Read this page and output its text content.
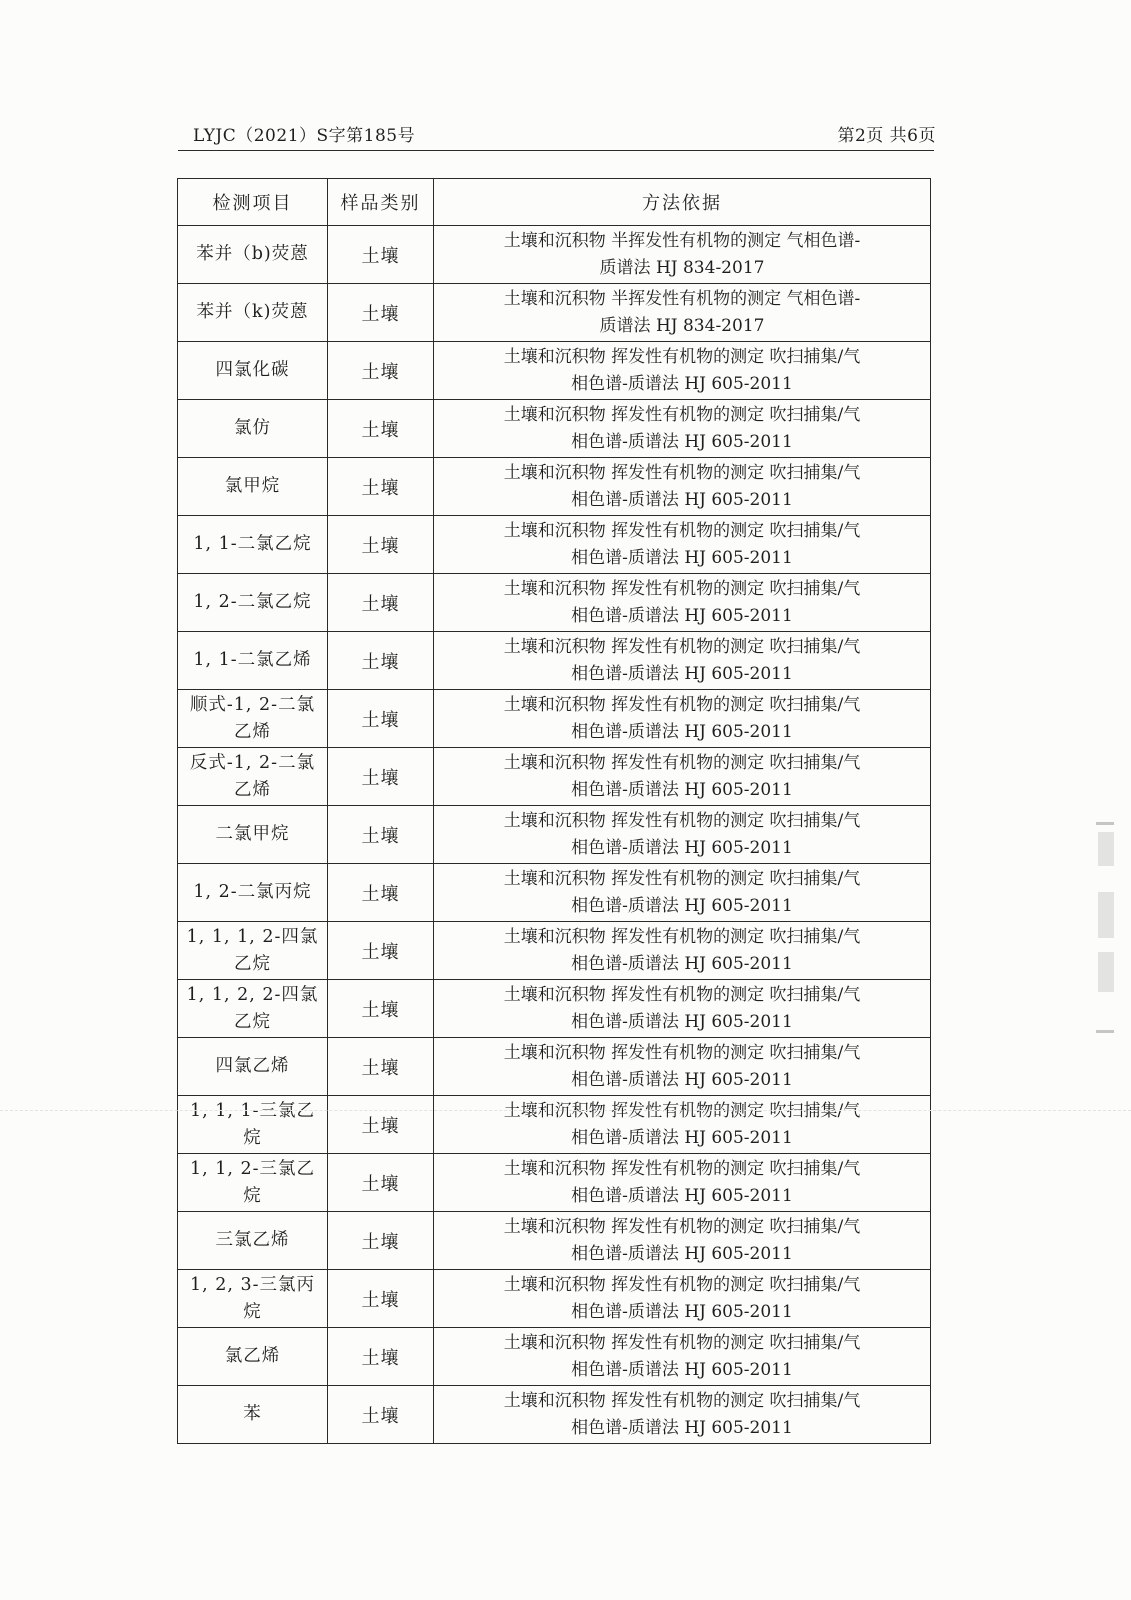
LYJC（2021）S字第185号	第2页 共6页
检测项目	样品类别	方法依据
苯并（b)荧蒽	土壤	土壤和沉积物 半挥发性有机物的测定 气相色谱-
质谱法 HJ 834-2017

苯并（k)荧蒽	土壤	土壤和沉积物 半挥发性有机物的测定 气相色谱-
质谱法 HJ 834-2017

四氯化碳	土壤	土壤和沉积物 挥发性有机物的测定 吹扫捕集/气
相色谱-质谱法 HJ 605-2011

氯仿	土壤	土壤和沉积物 挥发性有机物的测定 吹扫捕集/气
相色谱-质谱法 HJ 605-2011

氯甲烷	土壤	土壤和沉积物 挥发性有机物的测定 吹扫捕集/气
相色谱-质谱法 HJ 605-2011

1, 1-二氯乙烷	土壤	土壤和沉积物 挥发性有机物的测定 吹扫捕集/气
相色谱-质谱法 HJ 605-2011

1, 2-二氯乙烷	土壤	土壤和沉积物 挥发性有机物的测定 吹扫捕集/气
相色谱-质谱法 HJ 605-2011

1, 1-二氯乙烯	土壤	土壤和沉积物 挥发性有机物的测定 吹扫捕集/气
相色谱-质谱法 HJ 605-2011

顺式-1, 2-二氯乙烯	土壤	土壤和沉积物 挥发性有机物的测定 吹扫捕集/气
相色谱-质谱法 HJ 605-2011

反式-1, 2-二氯乙烯	土壤	土壤和沉积物 挥发性有机物的测定 吹扫捕集/气
相色谱-质谱法 HJ 605-2011

二氯甲烷	土壤	土壤和沉积物 挥发性有机物的测定 吹扫捕集/气
相色谱-质谱法 HJ 605-2011

1, 2-二氯丙烷	土壤	土壤和沉积物 挥发性有机物的测定 吹扫捕集/气
相色谱-质谱法 HJ 605-2011

1, 1, 1, 2-四氯乙烷	土壤	土壤和沉积物 挥发性有机物的测定 吹扫捕集/气
相色谱-质谱法 HJ 605-2011

1, 1, 2, 2-四氯乙烷	土壤	土壤和沉积物 挥发性有机物的测定 吹扫捕集/气
相色谱-质谱法 HJ 605-2011

四氯乙烯	土壤	土壤和沉积物 挥发性有机物的测定 吹扫捕集/气
相色谱-质谱法 HJ 605-2011

1, 1, 1-三氯乙烷	土壤	土壤和沉积物 挥发性有机物的测定 吹扫捕集/气
相色谱-质谱法 HJ 605-2011

1, 1, 2-三氯乙烷	土壤	土壤和沉积物 挥发性有机物的测定 吹扫捕集/气
相色谱-质谱法 HJ 605-2011

三氯乙烯	土壤	土壤和沉积物 挥发性有机物的测定 吹扫捕集/气
相色谱-质谱法 HJ 605-2011

1, 2, 3-三氯丙烷	土壤	土壤和沉积物 挥发性有机物的测定 吹扫捕集/气
相色谱-质谱法 HJ 605-2011

氯乙烯	土壤	土壤和沉积物 挥发性有机物的测定 吹扫捕集/气
相色谱-质谱法 HJ 605-2011

苯	土壤	土壤和沉积物 挥发性有机物的测定 吹扫捕集/气
相色谱-质谱法 HJ 605-2011
